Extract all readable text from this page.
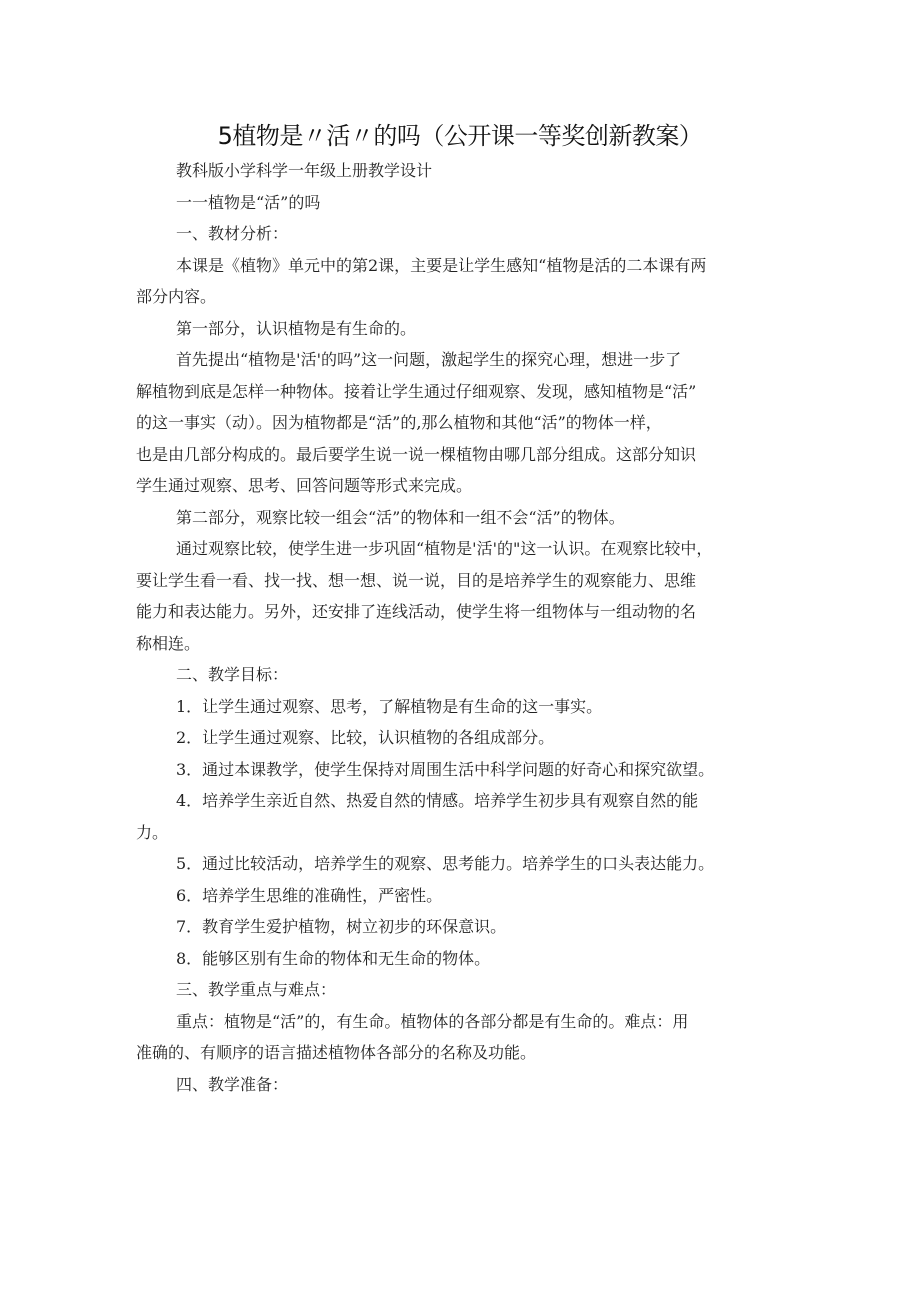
5植物是〃活〃的吗（公开课一等奖创新教案）
教科版小学科学一年级上册教学设计
一一植物是“活”的吗
一、教材分析：
本课是《植物》单元中的第2课，主要是让学生感知“植物是活的二本课有两
部分内容。
第一部分，认识植物是有生命的。
首先提出“植物是'活'的吗”这一问题，激起学生的探究心理，想进一步了
解植物到底是怎样一种物体。接着让学生通过仔细观察、发现，感知植物是“活”
的这一事实（动）。因为植物都是“活”的,那么植物和其他“活”的物体一样，
也是由几部分构成的。最后要学生说一说一棵植物由哪几部分组成。这部分知识
学生通过观察、思考、回答问题等形式来完成。
第二部分，观察比较一组会“活”的物体和一组不会“活”的物体。
通过观察比较，使学生进一步巩固“植物是'活'的"这一认识。在观察比较中，
要让学生看一看、找一找、想一想、说一说，目的是培养学生的观察能力、思维
能力和表达能力。另外，还安排了连线活动，使学生将一组物体与一组动物的名
称相连。
二、教学目标：
1．让学生通过观察、思考，了解植物是有生命的这一事实。
2．让学生通过观察、比较，认识植物的各组成部分。
3．通过本课教学，使学生保持对周围生活中科学问题的好奇心和探究欲望。
4．培养学生亲近自然、热爱自然的情感。培养学生初步具有观察自然的能
力。
5．通过比较活动，培养学生的观察、思考能力。培养学生的口头表达能力。
6．培养学生思维的准确性，严密性。
7．教育学生爱护植物，树立初步的环保意识。
8．能够区别有生命的物体和无生命的物体。
三、教学重点与难点：
重点：植物是“活”的，有生命。植物体的各部分都是有生命的。难点：用
准确的、有顺序的语言描述植物体各部分的名称及功能。
四、教学准备：
